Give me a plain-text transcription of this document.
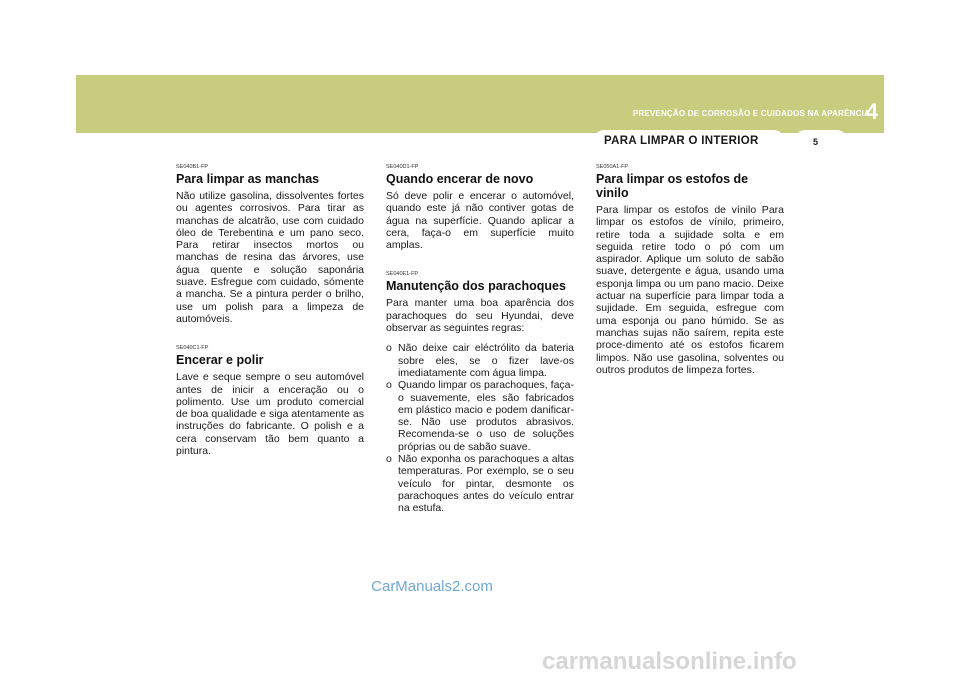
PREVENÇÃO DE CORROSÃO E CUIDADOS NA APARÊNCIA
4
PARA LIMPAR O INTERIOR	5

SE040B1-FP

Para limpar as manchas

Não utilize gasolina, dissolventes fortes ou agentes corrosivos. Para tirar as manchas de alcatrão, use com cuidado óleo de Terebentina e um pano seco. Para retirar insectos mortos ou manchas de resina das árvores, use água quente e solução saponária suave. Esfregue com cuidado, sómente a mancha. Se a pintura perder o brilho, use um polish para a limpeza de automóveis.

SE040C1-FP

Encerar e polir

Lave e seque sempre o seu automóvel antes de inicir a enceração ou o polimento. Use um produto comercial de boa qualidade e siga atentamente as instruções do fabricante. O polish e a cera conservam tão bem quanto a pintura.

SE040D1-FP

Quando encerar de novo

Só deve polir e encerar o automóvel, quando este já não contiver gotas de água na superfície. Quando aplicar a cera, faça-o em superfície muito amplas.

SE040E1-FP

Manutenção dos parachoques

Para manter uma boa aparência dos parachoques do seu Hyundai, deve observar as seguintes regras:

o Não deixe cair eléctrólito da bateria sobre eles, se o fizer lave-os imediatamente com água limpa.
o Quando limpar os parachoques, faça-o suavemente, eles são fabricados em plástico macio e podem danificar-se. Não use produtos abrasivos. Recomenda-se o uso de soluções próprias ou de sabão suave.
o Não exponha os parachoques a altas temperaturas. Por exemplo, se o seu veículo for pintar, desmonte os parachoques antes do veículo entrar na estufa.

SE050A1-FP

Para limpar os estofos de vinilo

Para limpar os estofos de vínilo Para limpar os estofos de vínilo, primeiro, retire toda a sujidade solta e em seguida retire todo o pó com um aspirador. Aplique um soluto de sabão suave, detergente e água, usando uma esponja limpa ou um pano macio. Deixe actuar na superfície para limpar toda a sujidade. Em seguida, esfregue com uma esponja ou pano húmido. Se as manchas sujas não saírem, repita este proce-dimento até os estofos ficarem limpos. Não use gasolina, solventes ou outros produtos de limpeza fortes.

CarManuals2.com
carmanualsonline.info
